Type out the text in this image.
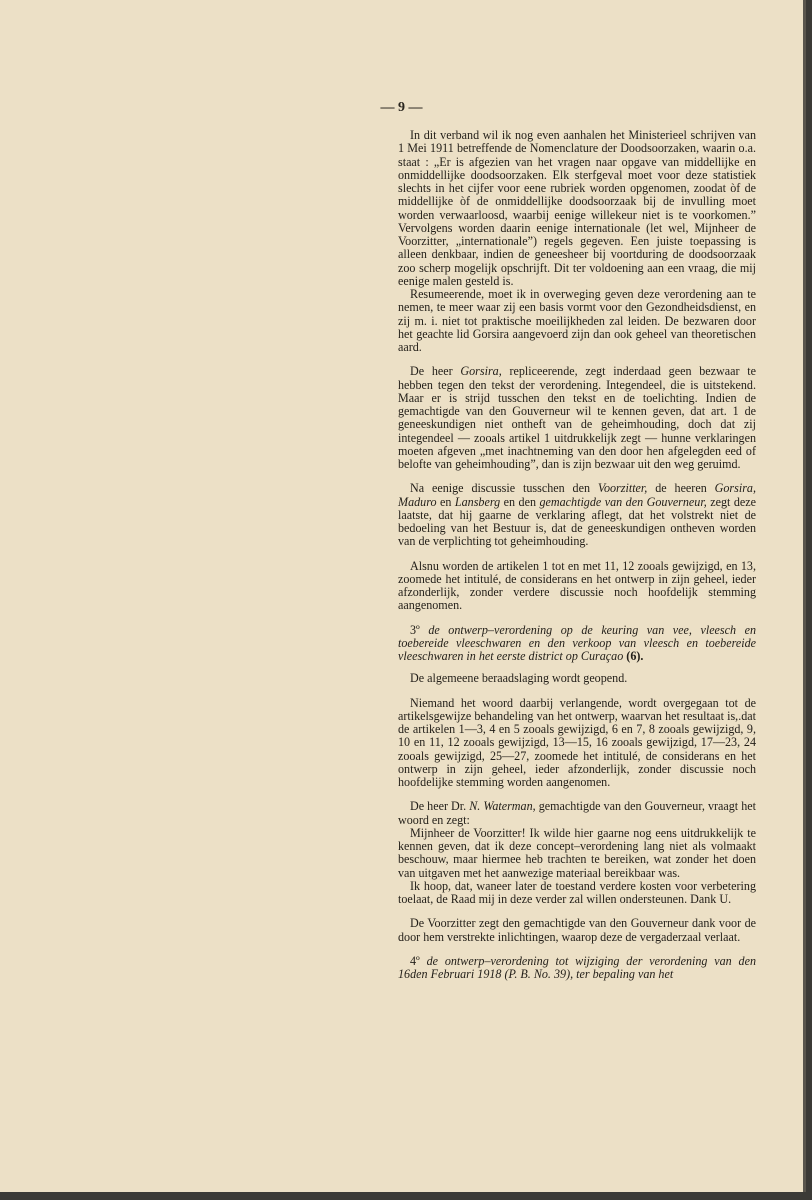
— 9 —

In dit verband wil ik nog even aanhalen het Ministerieel schrijven van 1 Mei 1911 betreffende de Nomenclature der Doodsoorzaken, waarin o.a. staat : „Er is afgezien van het vragen naar opgave van middellijke en onmiddellijke doodsoorzaken. Elk sterfgeval moet voor deze statistiek slechts in het cijfer voor eene rubriek worden opgenomen, zoodat òf de middellijke òf de onmiddellijke doodsoorzaak bij de invulling moet worden verwaarloosd, waarbij eenige willekeur niet is te voorkomen.” Vervolgens worden daarin eenige internationale (let wel, Mijnheer de Voorzitter, „internationale”) regels gegeven. Een juiste toepassing is alleen denkbaar, indien de geneesheer bij voortduring de doodsoorzaak zoo scherp mogelijk opschrijft. Dit ter voldoening aan een vraag, die mij eenige malen gesteld is.

Resumeerende, moet ik in overweging geven deze verordening aan te nemen, te meer waar zij een basis vormt voor den Gezondheidsdienst, en zij m. i. niet tot praktische moeilijkheden zal leiden. De bezwaren door het geachte lid Gorsira aangevoerd zijn dan ook geheel van theoretischen aard.

De heer Gorsira, repliceerende, zegt inderdaad geen bezwaar te hebben tegen den tekst der verordening. Integendeel, die is uitstekend. Maar er is strijd tusschen den tekst en de toelichting. Indien de gemachtigde van den Gouverneur wil te kennen geven, dat art. 1 de geneeskundigen niet ontheft van de geheimhouding, doch dat zij integendeel — zooals artikel 1 uitdrukkelijk zegt — hunne verklaringen moeten afgeven „met inachtneming van den door hen afgelegden eed of belofte van geheimhouding”, dan is zijn bezwaar uit den weg geruimd.

Na eenige discussie tusschen den Voorzitter, de heeren Gorsira, Maduro en Lansberg en den gemachtigde van den Gouverneur, zegt deze laatste, dat hij gaarne de verklaring aflegt, dat het volstrekt niet de bedoeling van het Bestuur is, dat de geneeskundigen ontheven worden van de verplichting tot geheimhouding.

Alsnu worden de artikelen 1 tot en met 11, 12 zooals gewijzigd, en 13, zoomede het intitulé, de considerans en het ontwerp in zijn geheel, ieder afzonderlijk, zonder verdere discussie noch hoofdelijk stemming aangenomen.

3º de ontwerp–verordening op de keuring van vee, vleesch en toebereide vleeschwaren en den verkoop van vleesch en toebereide vleeschwaren in het eerste district op Curaçao (6).

De algemeene beraadslaging wordt geopend.

Niemand het woord daarbij verlangende, wordt overgegaan tot de artikelsgewijze behandeling van het ontwerp, waarvan het resultaat is,.dat de artikelen 1—3, 4 en 5 zooals gewijzigd, 6 en 7, 8 zooals gewijzigd, 9, 10 en 11, 12 zooals gewijzigd, 13—15, 16 zooals gewijzigd, 17—23, 24 zooals gewijzigd, 25—27, zoomede het intitulé, de considerans en het ontwerp in zijn geheel, ieder afzonderlijk, zonder discussie noch hoofdelijke stemming worden aangenomen.

De heer Dr. N. Waterman, gemachtigde van den Gouverneur, vraagt het woord en zegt:

Mijnheer de Voorzitter! Ik wilde hier gaarne nog eens uitdrukkelijk te kennen geven, dat ik deze concept–verordening lang niet als volmaakt beschouw, maar hiermee heb trachten te bereiken, wat zonder het doen van uitgaven met het aanwezige materiaal bereikbaar was.

Ik hoop, dat, waneer later de toestand verdere kosten voor verbetering toelaat, de Raad mij in deze verder zal willen ondersteunen. Dank U.

De Voorzitter zegt den gemachtigde van den Gouverneur dank voor de door hem verstrekte inlichtingen, waarop deze de vergaderzaal verlaat.

4º de ontwerp–verordening tot wijziging der verordening van den 16den Februari 1918 (P. B. No. 39), ter bepaling van het
